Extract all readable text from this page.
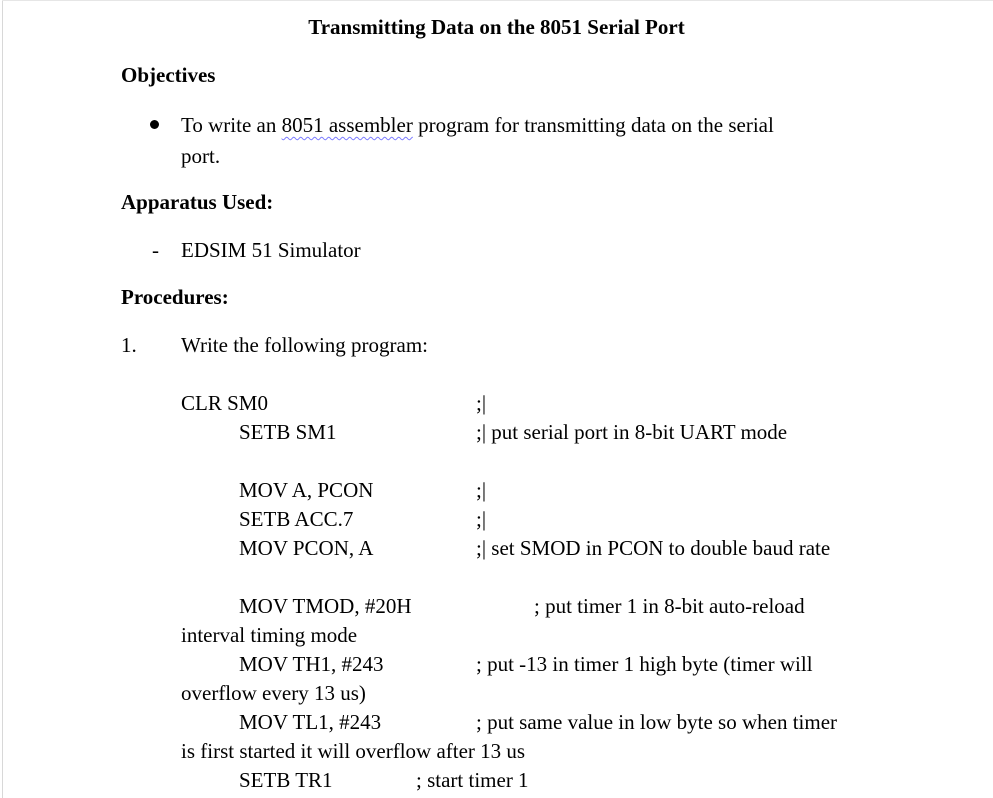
Transmitting Data on the 8051 Serial Port
Objectives
To write an 8051 assembler program for transmitting data on the serial
port.
Apparatus Used:
- EDSIM 51 Simulator
Procedures:
1. Write the following program:
CLR SM0	;|
SETB SM1	;| put serial port in 8-bit UART mode
MOV A, PCON	;|
SETB ACC.7	;|
MOV PCON, A	;| set SMOD in PCON to double baud rate
MOV TMOD, #20H	; put timer 1 in 8-bit auto-reload
interval timing mode
MOV TH1, #243	; put -13 in timer 1 high byte (timer will
overflow every 13 us)
MOV TL1, #243	; put same value in low byte so when timer
is first started it will overflow after 13 us
SETB TR1	; start timer 1
